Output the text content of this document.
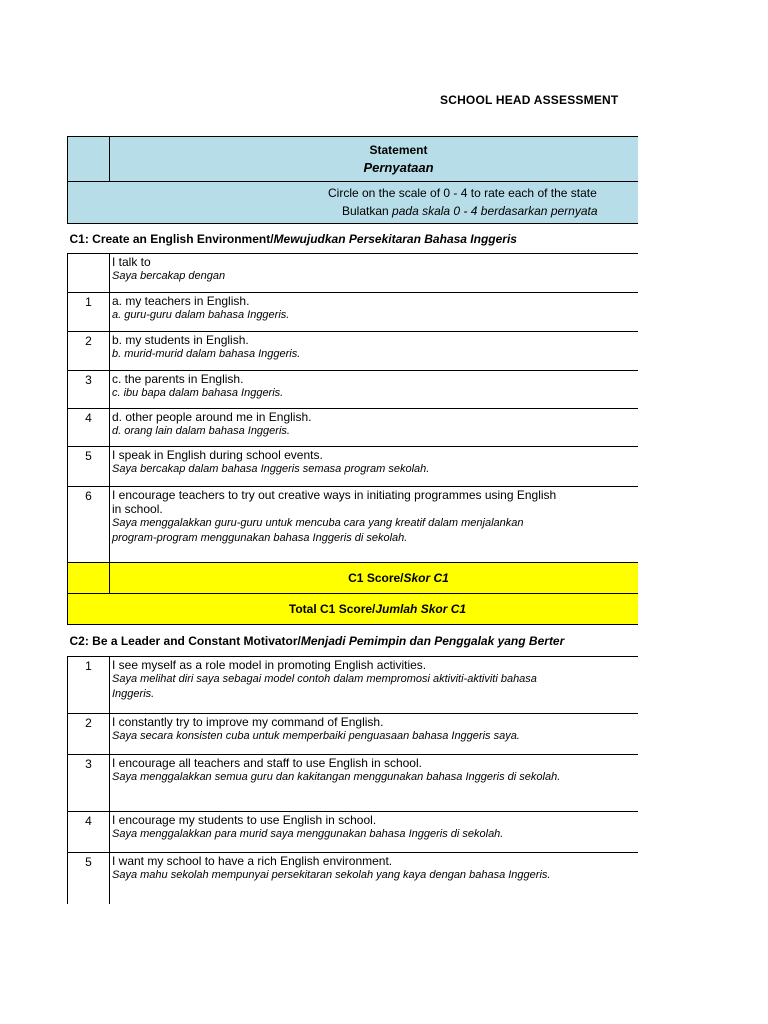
SCHOOL HEAD ASSESSMENT

	Statement
Pernyataan

Circle on the scale of 0 - 4 to rate each of the state
Bulatkan pada skala 0 - 4 berdasarkan pernyata	

C1: Create an English Environment/Mewujudkan Persekitaran Bahasa Inggeris	

	I talk to
Saya bercakap dengan

1	a. my teachers in English.
a. guru-guru dalam bahasa Inggeris.

2	b. my students in English.
b. murid-murid dalam bahasa Inggeris.

3	c. the parents in English.
c. ibu bapa dalam bahasa Inggeris.

4	d. other people around me in English.
d. orang lain dalam bahasa Inggeris.

5	I speak in English during school events.
Saya bercakap dalam bahasa Inggeris semasa program sekolah.

6	I encourage teachers to try out creative ways in initiating programmes using English
in school.
Saya menggalakkan guru-guru untuk mencuba cara yang kreatif dalam menjalankan
program-program menggunakan bahasa Inggeris di sekolah.

	C1 Score/Skor C1
Total C1 Score/Jumlah Skor C1	
C2: Be a Leader and Constant Motivator/Menjadi Pemimpin dan Penggalak yang Berter	
1	I see myself as a role model in promoting English activities.
Saya melihat diri saya sebagai model contoh dalam mempromosi aktiviti-aktiviti bahasa
Inggeris.

2	I constantly try to improve my command of English.
Saya secara konsisten cuba untuk memperbaiki penguasaan bahasa Inggeris saya.

3	I encourage all teachers and staff to use English in school.
Saya menggalakkan semua guru dan kakitangan menggunakan bahasa Inggeris di sekolah.

4	I encourage my students to use English in school.
Saya menggalakkan para murid saya menggunakan bahasa Inggeris di sekolah.

5	I want my school to have a rich English environment.
Saya mahu sekolah mempunyai persekitaran sekolah yang kaya dengan bahasa Inggeris.
